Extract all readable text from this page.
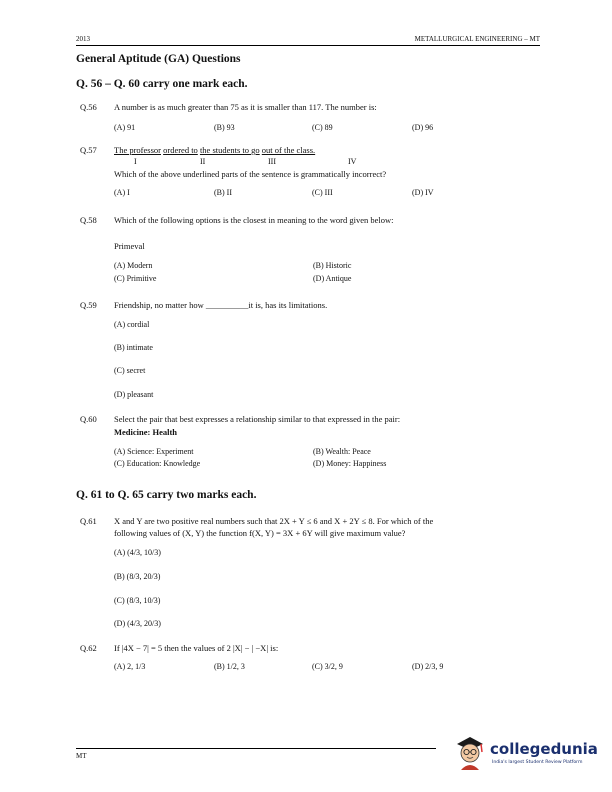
2013	METALLURGICAL ENGINEERING – MT
General Aptitude (GA) Questions
Q. 56 – Q. 60 carry one mark each.
Q.56 A number is as much greater than 75 as it is smaller than 117. The number is:
(A) 91	(B) 93	(C) 89	(D) 96
Q.57 The professor ordered to the students to go out of the class.
I	II	III	IV
Which of the above underlined parts of the sentence is grammatically incorrect?
(A) I	(B) II	(C) III	(D) IV
Q.58 Which of the following options is the closest in meaning to the word given below:
Primeval
(A) Modern	(B) Historic
(C) Primitive	(D) Antique
Q.59 Friendship, no matter how __________it is, has its limitations.
(A) cordial
(B) intimate
(C) secret
(D) pleasant
Q.60 Select the pair that best expresses a relationship similar to that expressed in the pair:
Medicine: Health
(A) Science: Experiment	(B) Wealth: Peace
(C) Education: Knowledge	(D) Money: Happiness
Q. 61 to Q. 65 carry two marks each.
Q.61 X and Y are two positive real numbers such that 2X + Y ≤ 6 and X + 2Y ≤ 8. For which of the
following values of (X, Y) the function f(X, Y) = 3X + 6Y will give maximum value?
(A) (4/3, 10/3)
(B) (8/3, 20/3)
(C) (8/3, 10/3)
(D) (4/3, 20/3)
Q.62 If |4X − 7| = 5 then the values of 2 |X| − | −X| is:
(A) 2, 1/3	(B) 1/2, 3	(C) 3/2, 9	(D) 2/3, 9
MT	collegedunia
India's largest Student Review Platform
